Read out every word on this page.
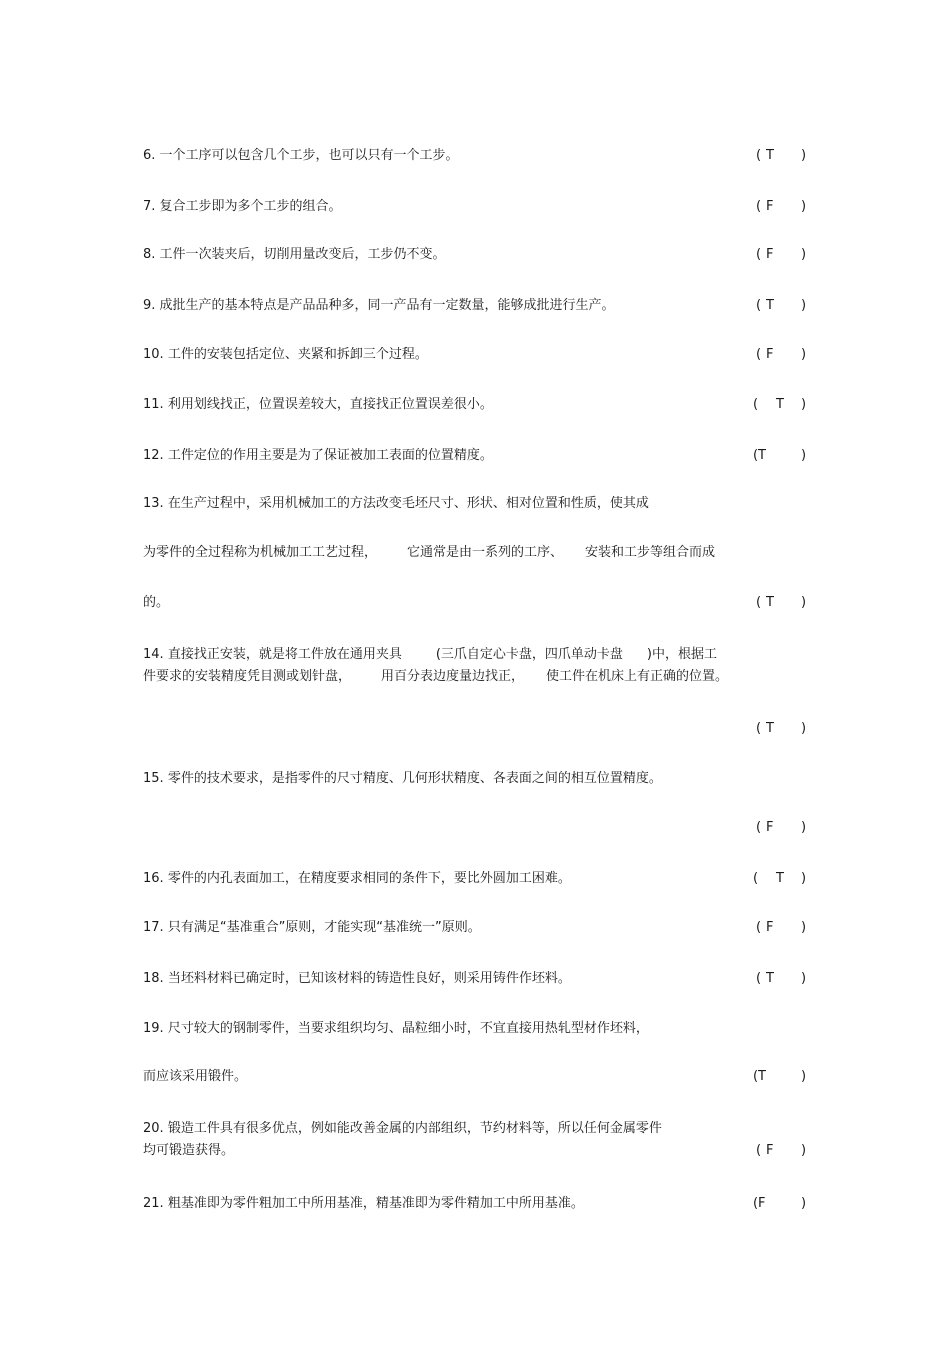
6. 一个工序可以包含几个工步，也可以只有一个工步。	( T )
7. 复合工步即为多个工步的组合。	( F )
8. 工件一次装夹后，切削用量改变后，工步仍不变。	( F )
9. 成批生产的基本特点是产品品种多，同一产品有一定数量，能够成批进行生产。	( T )
10. 工件的安装包括定位、夹紧和拆卸三个过程。	( F )
11. 利用划线找正，位置误差较大，直接找正位置误差很小。	( T )
12. 工件定位的作用主要是为了保证被加工表面的位置精度。	( T	)
13. 在生产过程中，采用机械加工的方法改变毛坯尺寸、形状、相对位置和性质，使其成
为零件的全过程称为机械加工工艺过程， 它通常是由一系列的工序、 安装和工步等组合而成
的。	( T )
14. 直接找正安装，就是将工件放在通用夹具	(三爪自定心卡盘，四爪单动卡盘 )中，根据工
件要求的安装精度凭目测或划针盘， 用百分表边度量边找正， 使工件在机床上有正确的位置。
( T )
15. 零件的技术要求，是指零件的尺寸精度、几何形状精度、各表面之间的相互位置精度。
( F )
16. 零件的内孔表面加工，在精度要求相同的条件下，要比外圆加工困难。	( T )
17. 只有满足“基准重合”原则，才能实现“基准统一”原则。	( F )
18. 当坯料材料已确定时，已知该材料的铸造性良好，则采用铸件作坯料。	( T )
19. 尺寸较大的钢制零件，当要求组织均匀、晶粒细小时，不宜直接用热轧型材作坯料，
而应该采用锻件。	( T	)
20. 锻造工件具有很多优点，例如能改善金属的内部组织，节约材料等，所以任何金属零件
均可锻造获得。	( F )
21. 粗基准即为零件粗加工中所用基准，精基准即为零件精加工中所用基准。	( F	)
